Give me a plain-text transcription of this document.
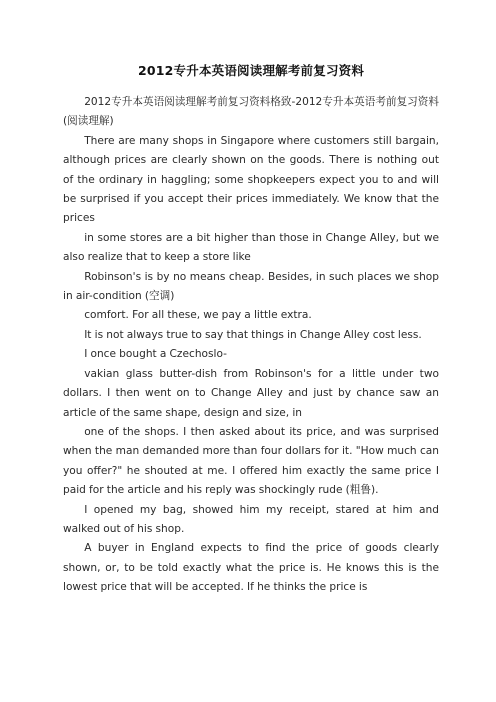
2012专升本英语阅读理解考前复习资料

2012专升本英语阅读理解考前复习资料格致-2012专升本英语考前复习资料(阅读理解)

There are many shops in Singapore where customers still bargain, although prices are clearly shown on the goods. There is nothing out of the ordinary in haggling; some shopkeepers expect you to and will be surprised if you accept their prices immediately. We know that the prices

in some stores are a bit higher than those in Change Alley, but we also realize that to keep a store like

Robinson's is by no means cheap. Besides, in such places we shop in air-condition (空调)

comfort. For all these, we pay a little extra.

It is not always true to say that things in Change Alley cost less.

I once bought a Czechoslo-

vakian glass butter-dish from Robinson's for a little under two dollars. I then went on to Change Alley and just by chance saw an article of the same shape, design and size, in

one of the shops. I then asked about its price, and was surprised when the man demanded more than four dollars for it. "How much can you offer?" he shouted at me. I offered him exactly the same price I paid for the article and his reply was shockingly rude (粗鲁).

I opened my bag, showed him my receipt, stared at him and walked out of his shop.

A buyer in England expects to find the price of goods clearly shown, or, to be told exactly what the price is. He knows this is the lowest price that will be accepted. If he thinks the price is
